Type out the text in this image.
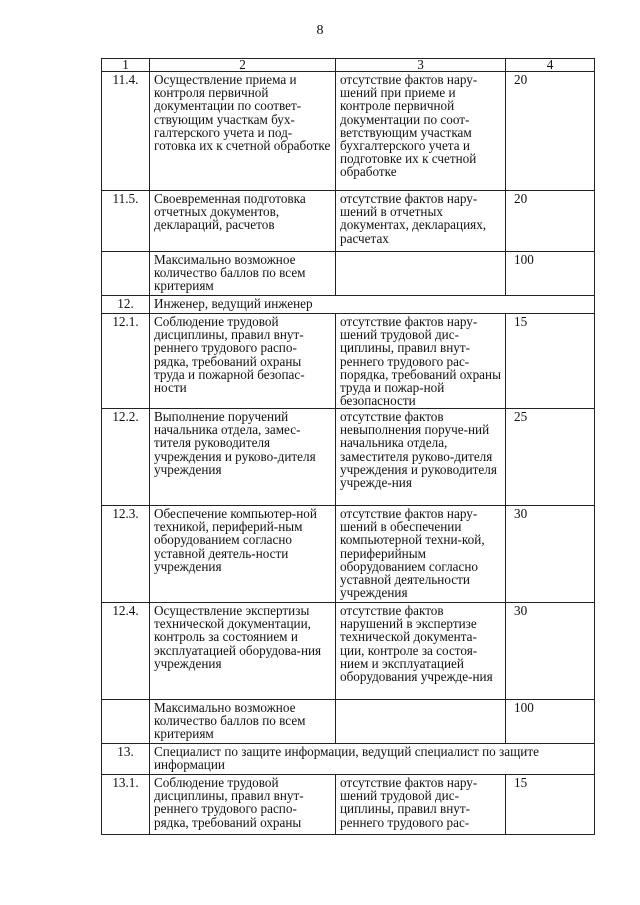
8
1	2	3	4
11.4.	Осуществление приема и контроля первичной документации по соответ-ствующим участкам бух-галтерского учета и под-готовка их к счетной обработке	отсутствие фактов нару-шений при приеме и контроле первичной документации по соот-ветствующим участкам бухгалтерского учета и подготовке их к счетной обработке	20
11.5.	Своевременная подготовка отчетных документов, деклараций, расчетов	отсутствие фактов нару-шений в отчетных документах, декларациях, расчетах	20
	Максимально возможное количество баллов по всем критериям		100
12.	Инженер, ведущий инженер		
12.1.	Соблюдение трудовой дисциплины, правил внут-реннего трудового распо-рядка, требований охраны труда и пожарной безопас-ности	отсутствие фактов нару-шений трудовой дис-циплины, правил внут-реннего трудового рас-порядка, требований охраны труда и пожар-ной безопасности	15
12.2.	Выполнение поручений начальника отдела, замес-тителя руководителя учреждения и руково-дителя учреждения	отсутствие фактов невыполнения поруче-ний начальника отдела, заместителя руково-дителя учреждения и руководителя учрежде-ния	25
12.3.	Обеспечение компьютер-ной техникой, периферий-ным оборудованием согласно уставной деятель-ности учреждения	отсутствие фактов нару-шений в обеспечении компьютерной техни-кой, периферийным оборудованием согласно уставной деятельности учреждения	30
12.4.	Осуществление экспертизы технической документации, контроль за состоянием и эксплуатацией оборудова-ния учреждения	отсутствие фактов нарушений в экспертизе технической документа-ции, контроле за состоя-нием и эксплуатацией оборудования учрежде-ния	30
	Максимально возможное количество баллов по всем критериям		100
13.	Специалист по защите информации, ведущий специалист по защите информации		
13.1.	Соблюдение трудовой дисциплины, правил внут-реннего трудового распо-рядка, требований охраны	отсутствие фактов нару-шений трудовой дис-циплины, правил внут-реннего трудового рас-	15
